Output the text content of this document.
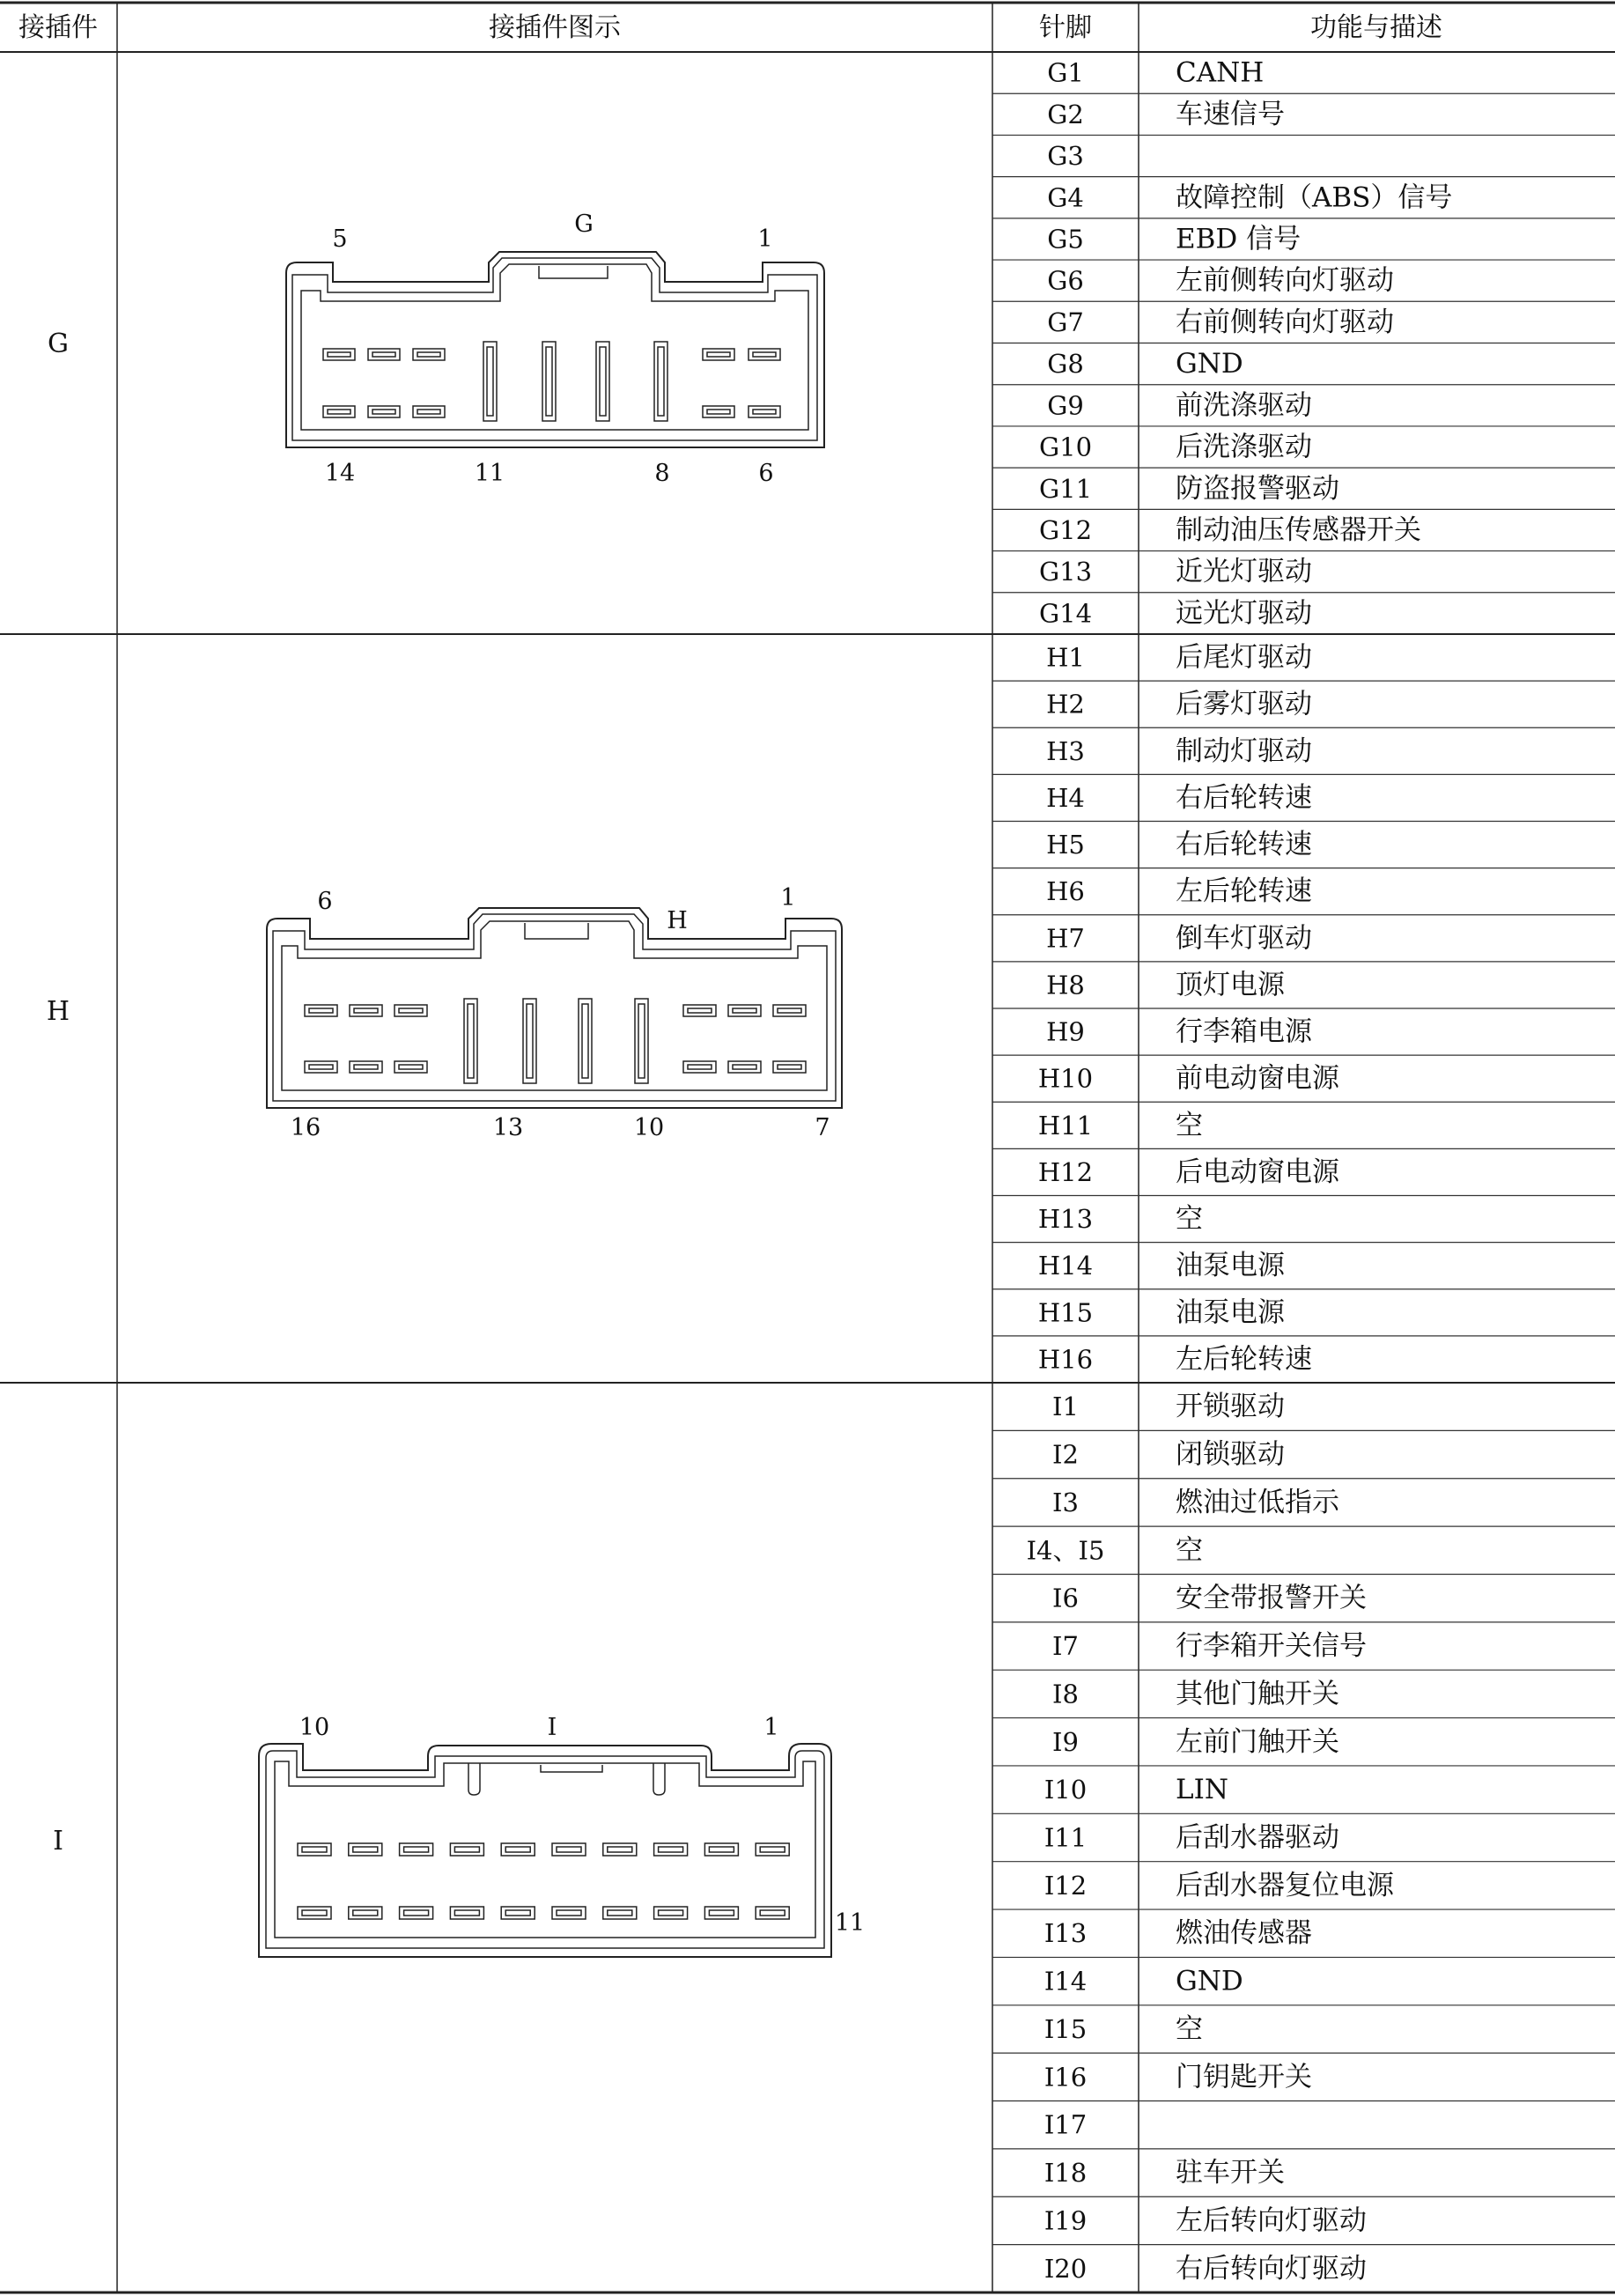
接插件	接插件图示	针脚	功能与描述
G
H
I
G1	CANH
G2	车速信号
G3
G4	故障控制（ABS）信号
G5	EBD 信号
G6	左前侧转向灯驱动
G7	右前侧转向灯驱动
G8	GND
G9	前洗涤驱动
G10	后洗涤驱动
G11	防盗报警驱动
G12	制动油压传感器开关
G13	近光灯驱动
G14	远光灯驱动
H1	后尾灯驱动
H2	后雾灯驱动
H3	制动灯驱动
H4	右后轮转速
H5	右后轮转速
H6	左后轮转速
H7	倒车灯驱动
H8	顶灯电源
H9	行李箱电源
H10	前电动窗电源
H11	空
H12	后电动窗电源
H13	空
H14	油泵电源
H15	油泵电源
H16	左后轮转速
I1	开锁驱动
I2	闭锁驱动
I3	燃油过低指示
I4、I5	空
I6	安全带报警开关
I7	行李箱开关信号
I8	其他门触开关
I9	左前门触开关
I10	LIN
I11	后刮水器驱动
I12	后刮水器复位电源
I13	燃油传感器
I14	GND
I15	空
I16	门钥匙开关
I17
I18	驻车开关
I19	左后转向灯驱动
I20	右后转向灯驱动
5
G
1
14	11	8	6
6
H
1
16	13	10	7
10	I	1
11
